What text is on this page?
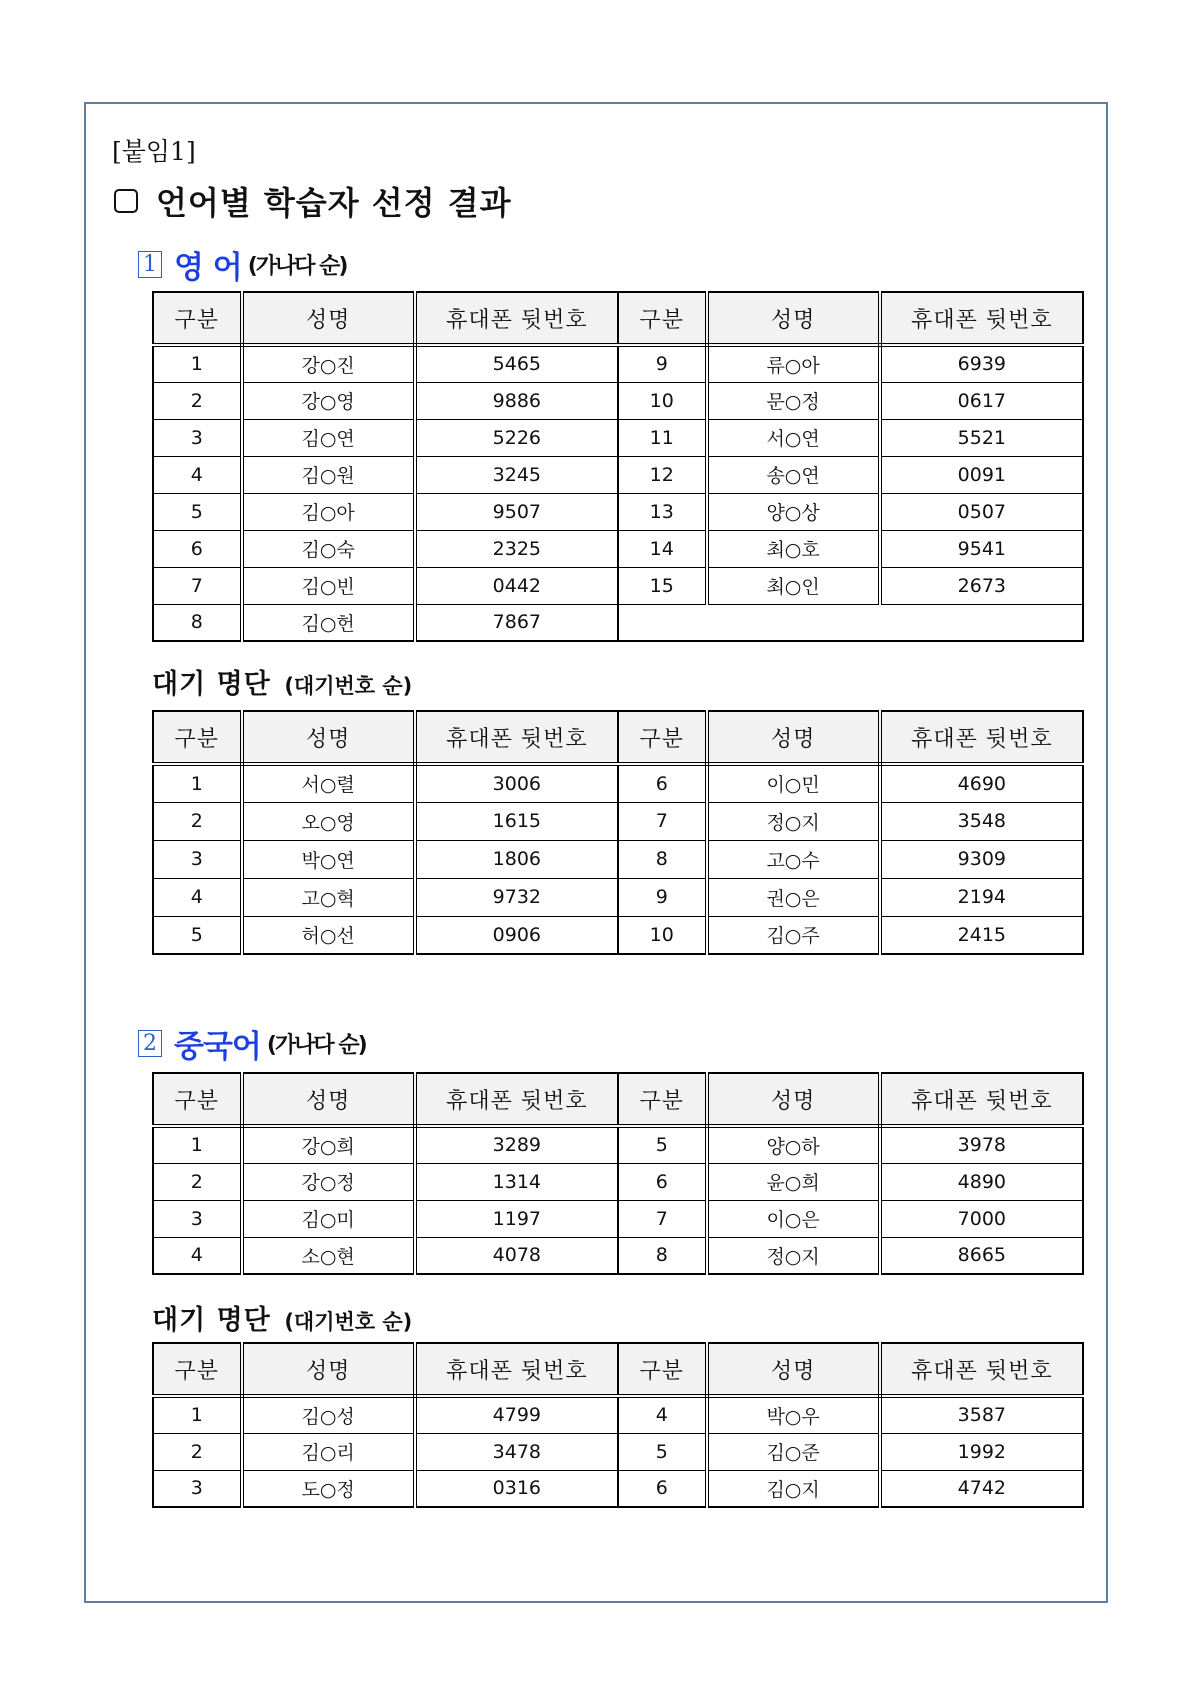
[붙임1]
언어별 학습자 선정 결과
1 영 어 (가나다 순)
구분	성명	휴대폰 뒷번호	구분	성명	휴대폰 뒷번호
1	강○진	5465	9	류○아	6939
2	강○영	9886	10	문○정	0617
3	김○연	5226	11	서○연	5521
4	김○원	3245	12	송○연	0091
5	김○아	9507	13	양○상	0507
6	김○숙	2325	14	최○호	9541
7	김○빈	0442	15	최○인	2673
8	김○헌	7867			
대기 명단 (대기번호 순)
구분	성명	휴대폰 뒷번호	구분	성명	휴대폰 뒷번호
1	서○렬	3006	6	이○민	4690
2	오○영	1615	7	정○지	3548
3	박○연	1806	8	고○수	9309
4	고○혁	9732	9	권○은	2194
5	허○선	0906	10	김○주	2415
2 중국어 (가나다 순)
구분	성명	휴대폰 뒷번호	구분	성명	휴대폰 뒷번호
1	강○희	3289	5	양○하	3978
2	강○정	1314	6	윤○희	4890
3	김○미	1197	7	이○은	7000
4	소○현	4078	8	정○지	8665
대기 명단 (대기번호 순)
구분	성명	휴대폰 뒷번호	구분	성명	휴대폰 뒷번호
1	김○성	4799	4	박○우	3587
2	김○리	3478	5	김○준	1992
3	도○정	0316	6	김○지	4742
